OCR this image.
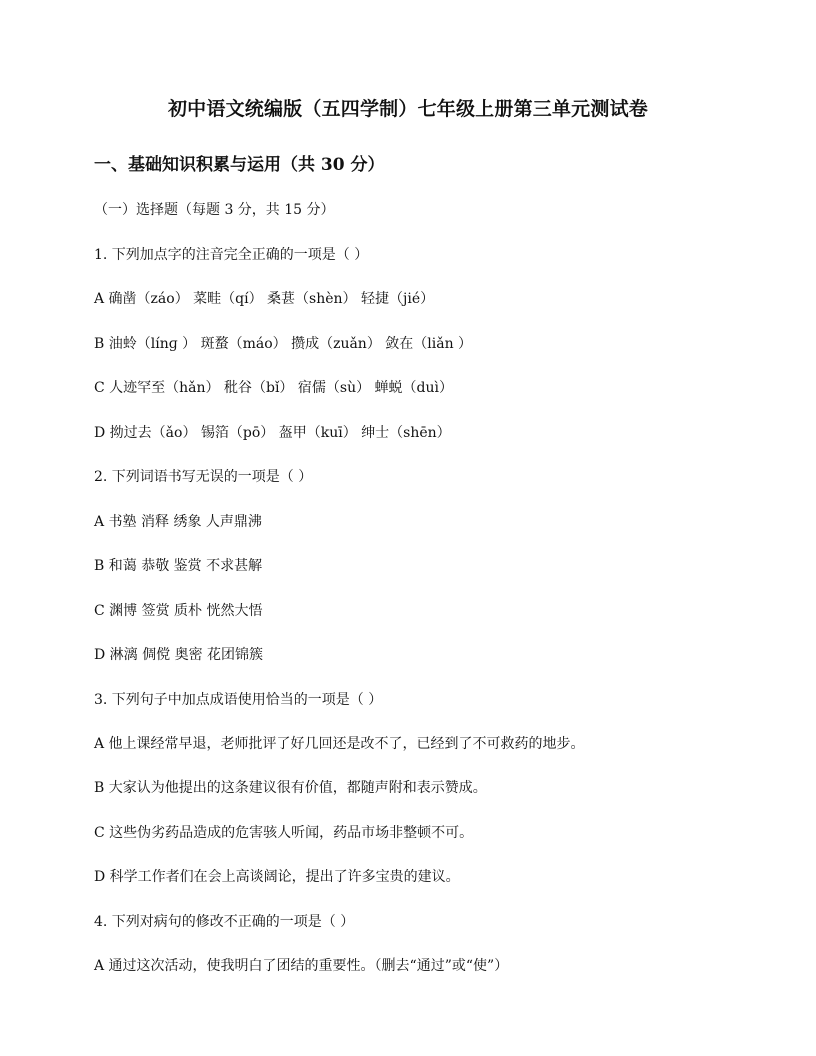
初中语文统编版（五四学制）七年级上册第三单元测试卷
一、基础知识积累与运用（共 30 分）
（一）选择题（每题 3 分，共 15 分）
1. 下列加点字的注音完全正确的一项是（ ）
A 确凿（záo） 菜畦（qí） 桑葚（shèn） 轻捷（jié）
B 油蛉（línɡ ） 斑蝥（máo） 攒成（zuǎn） 敛在（liǎn ）
C 人迹罕至（hǎn） 秕谷（bǐ） 宿儒（sù） 蝉蜕（duì）
D 拗过去（ǎo） 锡箔（pō） 盔甲（kuī） 绅士（shēn）
2. 下列词语书写无误的一项是（ ）
A 书塾 消释 绣象 人声鼎沸
B 和蔼 恭敬 鉴赏 不求甚解
C 渊博 签赏 质朴 恍然大悟
D 淋漓 倜傥 奥密 花团锦簇
3. 下列句子中加点成语使用恰当的一项是（ ）
A 他上课经常早退，老师批评了好几回还是改不了，已经到了不可救药的地步。
B 大家认为他提出的这条建议很有价值，都随声附和表示赞成。
C 这些伪劣药品造成的危害骇人听闻，药品市场非整顿不可。
D 科学工作者们在会上高谈阔论，提出了许多宝贵的建议。
4. 下列对病句的修改不正确的一项是（ ）
A 通过这次活动，使我明白了团结的重要性。（删去“通过”或“使”）
